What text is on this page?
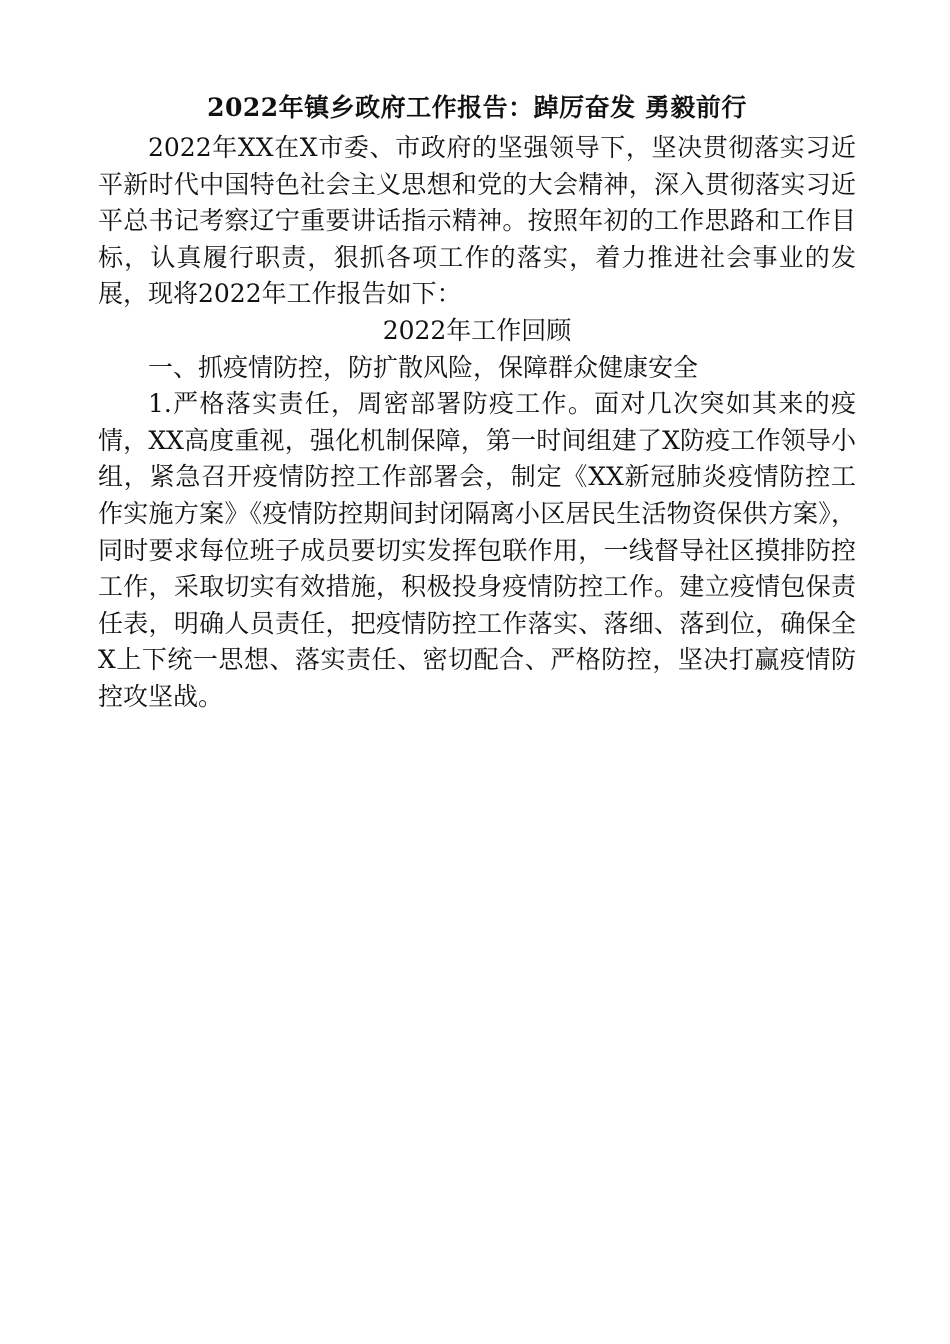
2022年镇乡政府工作报告：踔厉奋发 勇毅前行

2022年XX在X市委、市政府的坚强领导下，坚决贯彻落实习近平新时代中国特色社会主义思想和党的大会精神，深入贯彻落实习近平总书记考察辽宁重要讲话指示精神。按照年初的工作思路和工作目标，认真履行职责，狠抓各项工作的落实，着力推进社会事业的发展，现将2022年工作报告如下：

2022年工作回顾

一、抓疫情防控，防扩散风险，保障群众健康安全

1.严格落实责任，周密部署防疫工作。面对几次突如其来的疫情，XX高度重视，强化机制保障，第一时间组建了X防疫工作领导小组，紧急召开疫情防控工作部署会，制定《XX新冠肺炎疫情防控工作实施方案》《疫情防控期间封闭隔离小区居民生活物资保供方案》，同时要求每位班子成员要切实发挥包联作用，一线督导社区摸排防控工作，采取切实有效措施，积极投身疫情防控工作。建立疫情包保责任表，明确人员责任，把疫情防控工作落实、落细、落到位，确保全X上下统一思想、落实责任、密切配合、严格防控，坚决打赢疫情防控攻坚战。
